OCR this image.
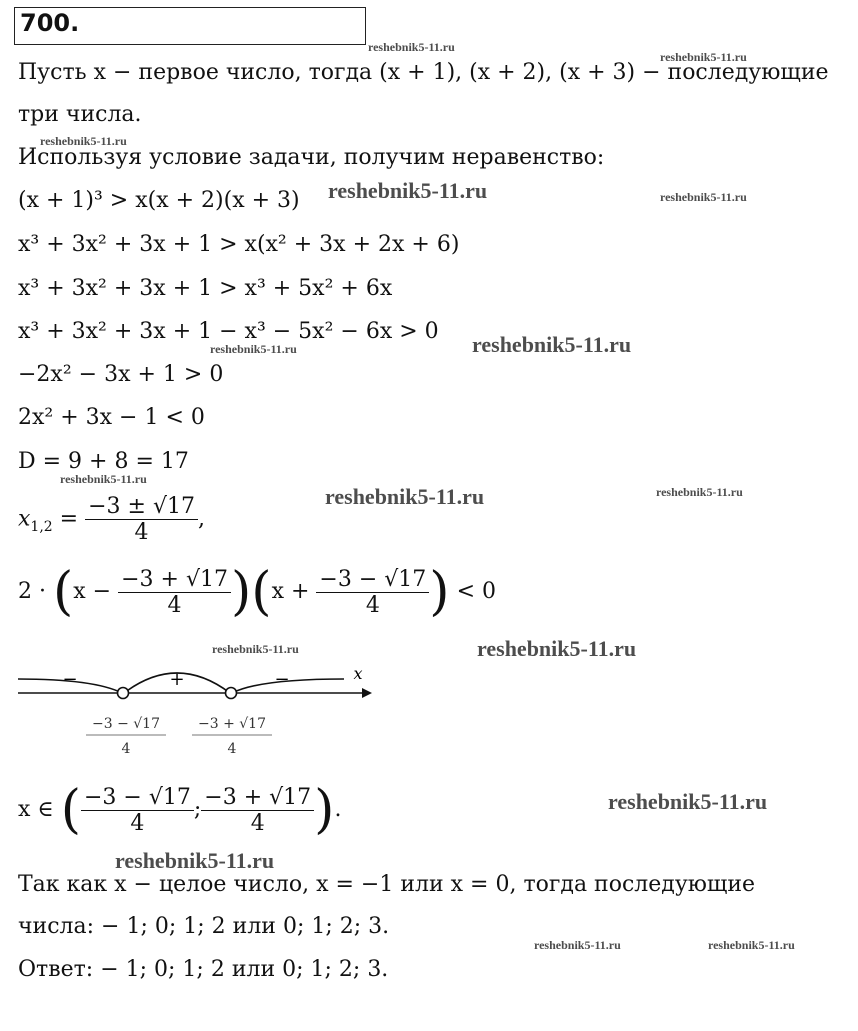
700.
Пусть x − первое число, тогда (x + 1), (x + 2), (x + 3) − последующие
три числа.
Используя условие задачи, получим неравенство:
(x + 1)³ > x(x + 2)(x + 3)
x³ + 3x² + 3x + 1 > x(x² + 3x + 2x + 6)
x³ + 3x² + 3x + 1 > x³ + 5x² + 6x
x³ + 3x² + 3x + 1 − x³ − 5x² − 6x > 0
−2x² − 3x + 1 > 0
2x² + 3x − 1 < 0
D = 9 + 8 = 17
$x_{1,2} = \frac{-3 \pm √17}{4}$ ,
$2 \cdot (x - \frac{-3 + √17}{4} )(x + \frac{-3 - √17}{4}$ ) < 0
−	+	−	x
−3 − √17
4
−3 + √17
4
x ∈ ( $\frac{-3 - √17}{4}$ ; $\frac{-3 + √17}{4}$ ).
Так как x − целое число, x = −1 или x = 0, тогда последующие
числа: − 1; 0; 1; 2 или 0; 1; 2; 3.
Ответ: − 1; 0; 1; 2 или 0; 1; 2; 3.
reshebnik5-11.ru
reshebnik5-11.ru
reshebnik5-11.ru
reshebnik5-11.ru	reshebnik5-11.ru
reshebnik5-11.ru
reshebnik5-11.ru
reshebnik5-11.ru
reshebnik5-11.ru	reshebnik5-11.ru
reshebnik5-11.ru	reshebnik5-11.ru
reshebnik5-11.ru
reshebnik5-11.ru
reshebnik5-11.ru	reshebnik5-11.ru
